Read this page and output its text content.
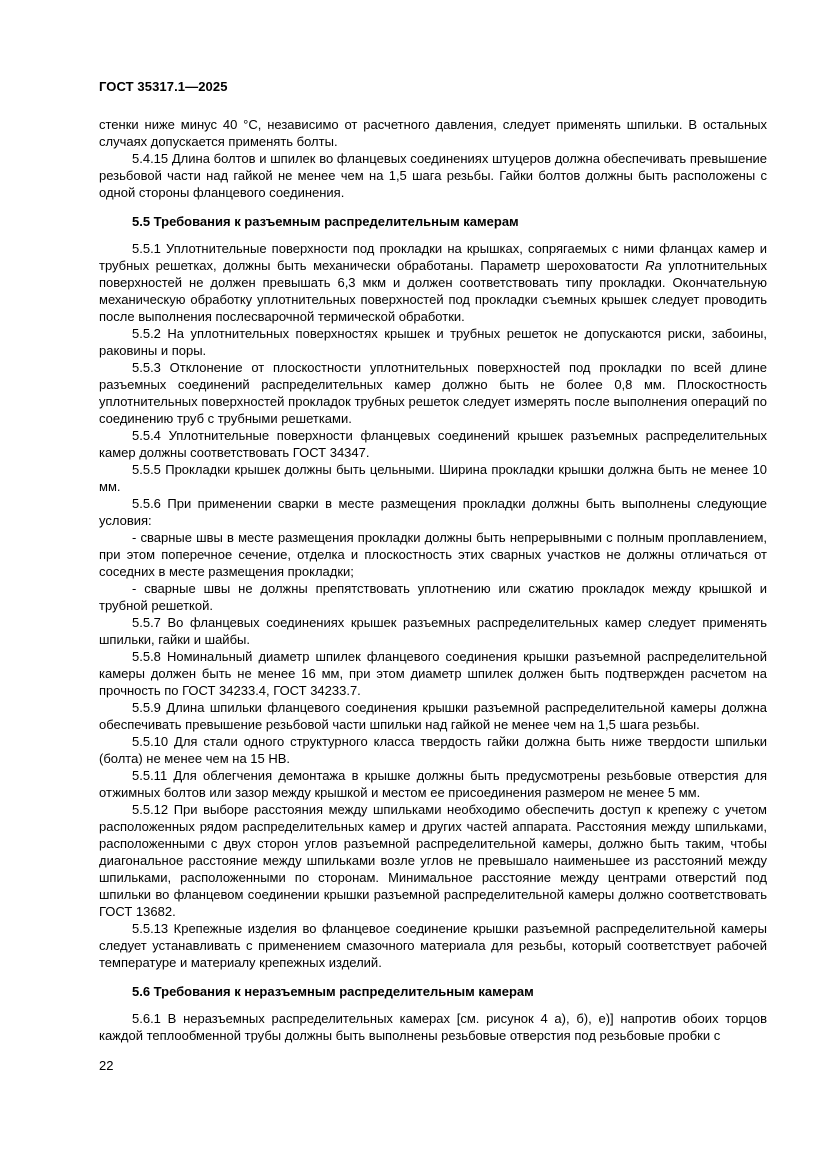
ГОСТ 35317.1—2025

стенки ниже минус 40 °С, независимо от расчетного давления, следует применять шпильки. В остальных случаях допускается применять болты.

5.4.15 Длина болтов и шпилек во фланцевых соединениях штуцеров должна обеспечивать превышение резьбовой части над гайкой не менее чем на 1,5 шага резьбы. Гайки болтов должны быть расположены с одной стороны фланцевого соединения.

5.5 Требования к разъемным распределительным камерам

5.5.1 Уплотнительные поверхности под прокладки на крышках, сопрягаемых с ними фланцах камер и трубных решетках, должны быть механически обработаны. Параметр шероховатости Ra уплотнительных поверхностей не должен превышать 6,3 мкм и должен соответствовать типу прокладки. Окончательную механическую обработку уплотнительных поверхностей под прокладки съемных крышек следует проводить после выполнения послесварочной термической обработки.

5.5.2 На уплотнительных поверхностях крышек и трубных решеток не допускаются риски, забоины, раковины и поры.

5.5.3 Отклонение от плоскостности уплотнительных поверхностей под прокладки по всей длине разъемных соединений распределительных камер должно быть не более 0,8 мм. Плоскостность уплотнительных поверхностей прокладок трубных решеток следует измерять после выполнения операций по соединению труб с трубными решетками.

5.5.4 Уплотнительные поверхности фланцевых соединений крышек разъемных распределительных камер должны соответствовать ГОСТ 34347.

5.5.5 Прокладки крышек должны быть цельными. Ширина прокладки крышки должна быть не менее 10 мм.

5.5.6 При применении сварки в месте размещения прокладки должны быть выполнены следующие условия:

- сварные швы в месте размещения прокладки должны быть непрерывными с полным проплавлением, при этом поперечное сечение, отделка и плоскостность этих сварных участков не должны отличаться от соседних в месте размещения прокладки;

- сварные швы не должны препятствовать уплотнению или сжатию прокладок между крышкой и трубной решеткой.

5.5.7 Во фланцевых соединениях крышек разъемных распределительных камер следует применять шпильки, гайки и шайбы.

5.5.8 Номинальный диаметр шпилек фланцевого соединения крышки разъемной распределительной камеры должен быть не менее 16 мм, при этом диаметр шпилек должен быть подтвержден расчетом на прочность по ГОСТ 34233.4, ГОСТ 34233.7.

5.5.9 Длина шпильки фланцевого соединения крышки разъемной распределительной камеры должна обеспечивать превышение резьбовой части шпильки над гайкой не менее чем на 1,5 шага резьбы.

5.5.10 Для стали одного структурного класса твердость гайки должна быть ниже твердости шпильки (болта) не менее чем на 15 НВ.

5.5.11 Для облегчения демонтажа в крышке должны быть предусмотрены резьбовые отверстия для отжимных болтов или зазор между крышкой и местом ее присоединения размером не менее 5 мм.

5.5.12 При выборе расстояния между шпильками необходимо обеспечить доступ к крепежу с учетом расположенных рядом распределительных камер и других частей аппарата. Расстояния между шпильками, расположенными с двух сторон углов разъемной распределительной камеры, должно быть таким, чтобы диагональное расстояние между шпильками возле углов не превышало наименьшее из расстояний между шпильками, расположенными по сторонам. Минимальное расстояние между центрами отверстий под шпильки во фланцевом соединении крышки разъемной распределительной камеры должно соответствовать ГОСТ 13682.

5.5.13 Крепежные изделия во фланцевое соединение крышки разъемной распределительной камеры следует устанавливать с применением смазочного материала для резьбы, который соответствует рабочей температуре и материалу крепежных изделий.

5.6 Требования к неразъемным распределительным камерам

5.6.1 В неразъемных распределительных камерах [см. рисунок 4 а), б), е)] напротив обоих торцов каждой теплообменной трубы должны быть выполнены резьбовые отверстия под резьбовые пробки с

22
